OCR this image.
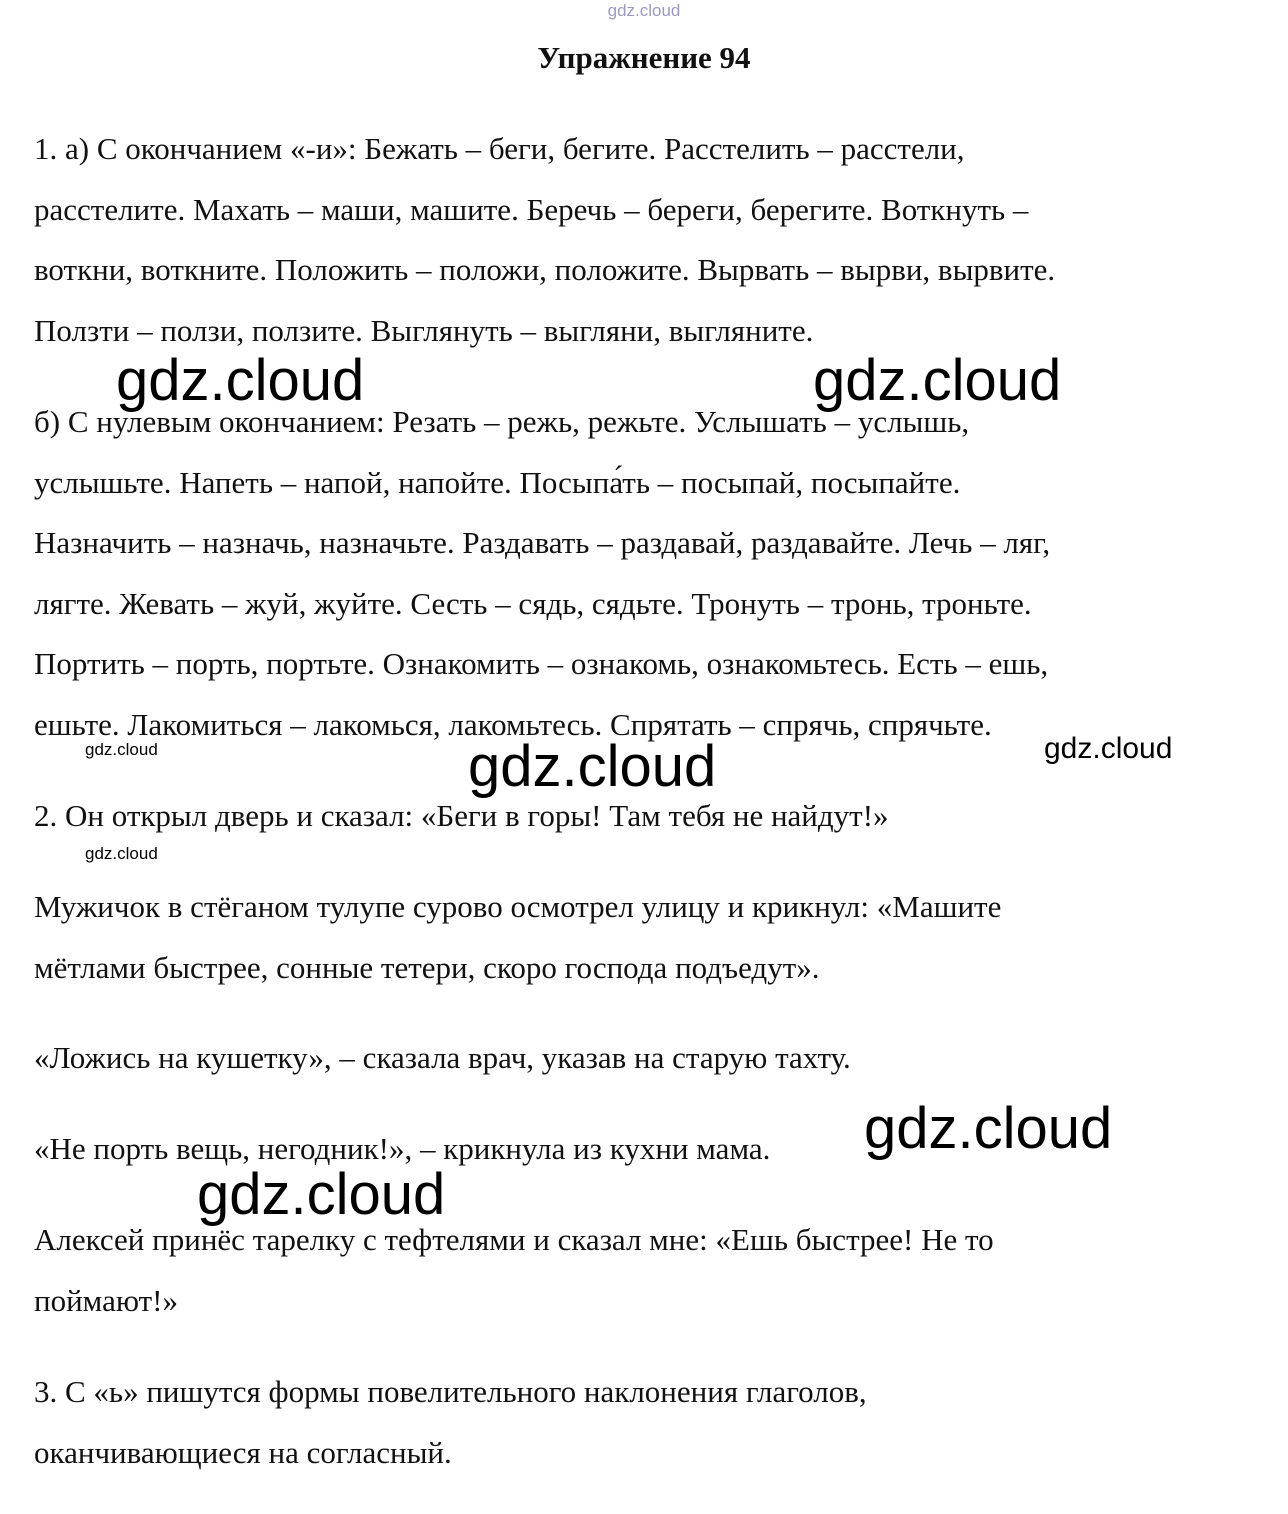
gdz.cloud
Упражнение 94
1. а) С окончанием «-и»: Бежать – беги, бегите. Расстелить – расстели,
расстелите. Махать – маши, машите. Беречь – береги, берегите. Воткнуть –
воткни, воткните. Положить – положи, положите. Вырвать – вырви, вырвите.
Ползти – ползи, ползите. Выглянуть – выгляни, выгляните.
б) С нулевым окончанием: Резать – режь, режьте. Услышать – услышь,
услышьте. Напеть – напой, напойте. Посыпа́ть – посыпай, посыпайте.
Назначить – назначь, назначьте. Раздавать – раздавай, раздавайте. Лечь – ляг,
лягте. Жевать – жуй, жуйте. Сесть – сядь, сядьте. Тронуть – тронь, троньте.
Портить – порть, портьте. Ознакомить – ознакомь, ознакомьтесь. Есть – ешь,
ешьте. Лакомиться – лакомься, лакомьтесь. Спрятать – спрячь, спрячьте.
2. Он открыл дверь и сказал: «Беги в горы! Там тебя не найдут!»
Мужичок в стёганом тулупе сурово осмотрел улицу и крикнул: «Машите
мётлами быстрее, сонные тетери, скоро господа подъедут».
«Ложись на кушетку», – сказала врач, указав на старую тахту.
«Не порть вещь, негодник!», – крикнула из кухни мама.
Алексей принёс тарелку с тефтелями и сказал мне: «Ешь быстрее! Не то
поймают!»
3. С «ь» пишутся формы повелительного наклонения глаголов,
оканчивающиеся на согласный.
gdz.cloud	gdz.cloud
gdz.cloud
gdz.cloud
gdz.cloud
gdz.cloud
gdz.cloud
gdz.cloud
